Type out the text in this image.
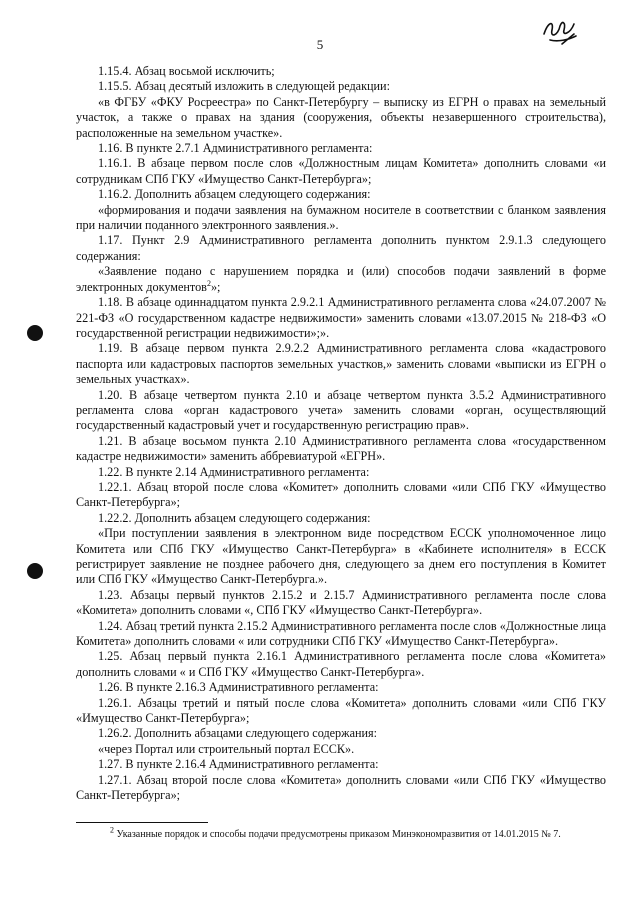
5

1.15.4. Абзац восьмой исключить;

1.15.5. Абзац десятый изложить в следующей редакции:

«в ФГБУ «ФКУ Росреестра» по Санкт-Петербургу – выписку из ЕГРН о правах на земельный участок, а также о правах на здания (сооружения, объекты незавершенного строительства), расположенные на земельном участке».

1.16. В пункте 2.7.1 Административного регламента:

1.16.1. В абзаце первом после слов «Должностным лицам Комитета» дополнить словами «и сотрудникам СПб ГКУ «Имущество Санкт-Петербурга»;

1.16.2. Дополнить абзацем следующего содержания:

«формирования и подачи заявления на бумажном носителе в соответствии с бланком заявления при наличии поданного электронного заявления.».

1.17. Пункт 2.9 Административного регламента дополнить пунктом 2.9.1.3 следующего содержания:

«Заявление подано с нарушением порядка и (или) способов подачи заявлений в форме электронных документов$^2$»;

1.18. В абзаце одиннадцатом пункта 2.9.2.1 Административного регламента слова «24.07.2007 № 221-ФЗ «О государственном кадастре недвижимости» заменить словами «13.07.2015 № 218-ФЗ «О государственной регистрации недвижимости»;».

1.19. В абзаце первом пункта 2.9.2.2 Административного регламента слова «кадастрового паспорта или кадастровых паспортов земельных участков,» заменить словами «выписки из ЕГРН о земельных участках».

1.20. В абзаце четвертом пункта 2.10 и абзаце четвертом пункта 3.5.2 Административного регламента слова «орган кадастрового учета» заменить словами «орган, осуществляющий государственный кадастровый учет и государственную регистрацию прав».

1.21. В абзаце восьмом пункта 2.10 Административного регламента слова «государственном кадастре недвижимости» заменить аббревиатурой «ЕГРН».

1.22. В пункте 2.14 Административного регламента:

1.22.1. Абзац второй после слова «Комитет» дополнить словами «или СПб ГКУ «Имущество Санкт-Петербурга»;

1.22.2. Дополнить абзацем следующего содержания:

«При поступлении заявления в электронном виде посредством ЕССК уполномоченное лицо Комитета или СПб ГКУ «Имущество Санкт-Петербурга» в «Кабинете исполнителя» в ЕССК регистрирует заявление не позднее рабочего дня, следующего за днем его поступления в Комитет или СПб ГКУ «Имущество Санкт-Петербурга.».

1.23. Абзацы первый пунктов 2.15.2 и 2.15.7 Административного регламента после слова «Комитета» дополнить словами «, СПб ГКУ «Имущество Санкт-Петербурга».

1.24. Абзац третий пункта 2.15.2 Административного регламента после слов «Должностные лица Комитета» дополнить словами « или сотрудники СПб ГКУ «Имущество Санкт-Петербурга».

1.25. Абзац первый пункта 2.16.1 Административного регламента после слова «Комитета» дополнить словами « и СПб ГКУ «Имущество Санкт-Петербурга».

1.26. В пункте 2.16.3 Административного регламента:

1.26.1. Абзацы третий и пятый после слова «Комитета» дополнить словами «или СПб ГКУ «Имущество Санкт-Петербурга»;

1.26.2. Дополнить абзацами следующего содержания:

«через Портал или строительный портал ЕССК».

1.27. В пункте 2.16.4 Административного регламента:

1.27.1. Абзац второй после слова «Комитета» дополнить словами «или СПб ГКУ «Имущество Санкт-Петербурга»;

$^2$ Указанные порядок и способы подачи предусмотрены приказом Минэкономразвития от 14.01.2015 № 7.
